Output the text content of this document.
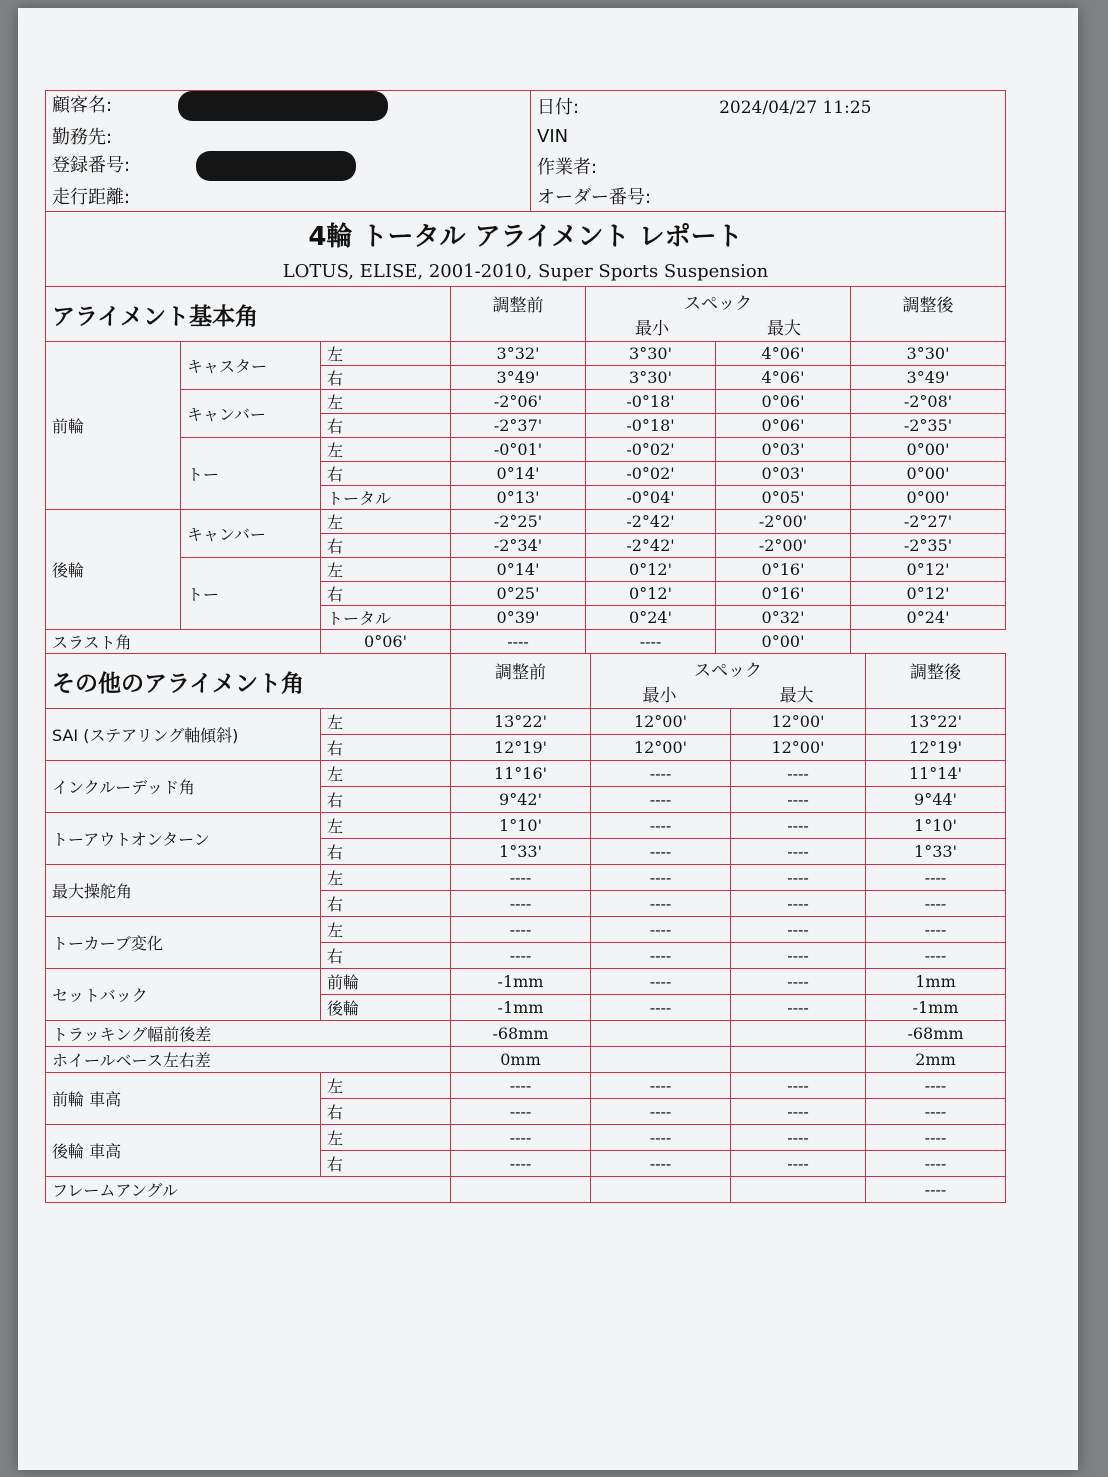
顧客名:	日付: 2024/04/27 11:25
勤務先:	VIN
登録番号:	作業者:
走行距離:	オーダー番号:
4輪 トータル アライメント レポート	
LOTUS, ELISE, 2001-2010, Super Sports Suspension	
アライメント基本角			調整前	スペック
最小 最大		調整後
前輪	キャスター	左	3°32'	3°30'	4°06'	3°30'
		右	3°49'	3°30'	4°06'	3°49'
	キャンバー	左	-2°06'	-0°18'	0°06'	-2°08'
		右	-2°37'	-0°18'	0°06'	-2°35'
	トー	左	-0°01'	-0°02'	0°03'	0°00'
		右	0°14'	-0°02'	0°03'	0°00'
		トータル	0°13'	-0°04'	0°05'	0°00'
後輪	キャンバー	左	-2°25'	-2°42'	-2°00'	-2°27'
		右	-2°34'	-2°42'	-2°00'	-2°35'
	トー	左	0°14'	0°12'	0°16'	0°12'
		右	0°25'	0°12'	0°16'	0°12'
		トータル	0°39'	0°24'	0°32'	0°24'
スラスト角		0°06'	----	----	0°00'	
その他のアライメント角		調整前	スペック
最小 最大		調整後
SAI (ステアリング軸傾斜)	左	13°22'	12°00'	12°00'	13°22'
	右	12°19'	12°00'	12°00'	12°19'
インクルーデッド角	左	11°16'	----	----	11°14'
	右	9°42'	----	----	9°44'
トーアウトオンターン	左	1°10'	----	----	1°10'
	右	1°33'	----	----	1°33'
最大操舵角	左	----	----	----	----
	右	----	----	----	----
トーカーブ変化	左	----	----	----	----
	右	----	----	----	----
セットバック	前輪	-1mm	----	----	1mm
	後輪	-1mm	----	----	-1mm
トラッキング幅前後差		-68mm			-68mm
ホイールベース左右差		0mm			2mm
前輪 車高	左	----	----	----	----
	右	----	----	----	----
後輪 車高	左	----	----	----	----
	右	----	----	----	----
フレームアングル					----
